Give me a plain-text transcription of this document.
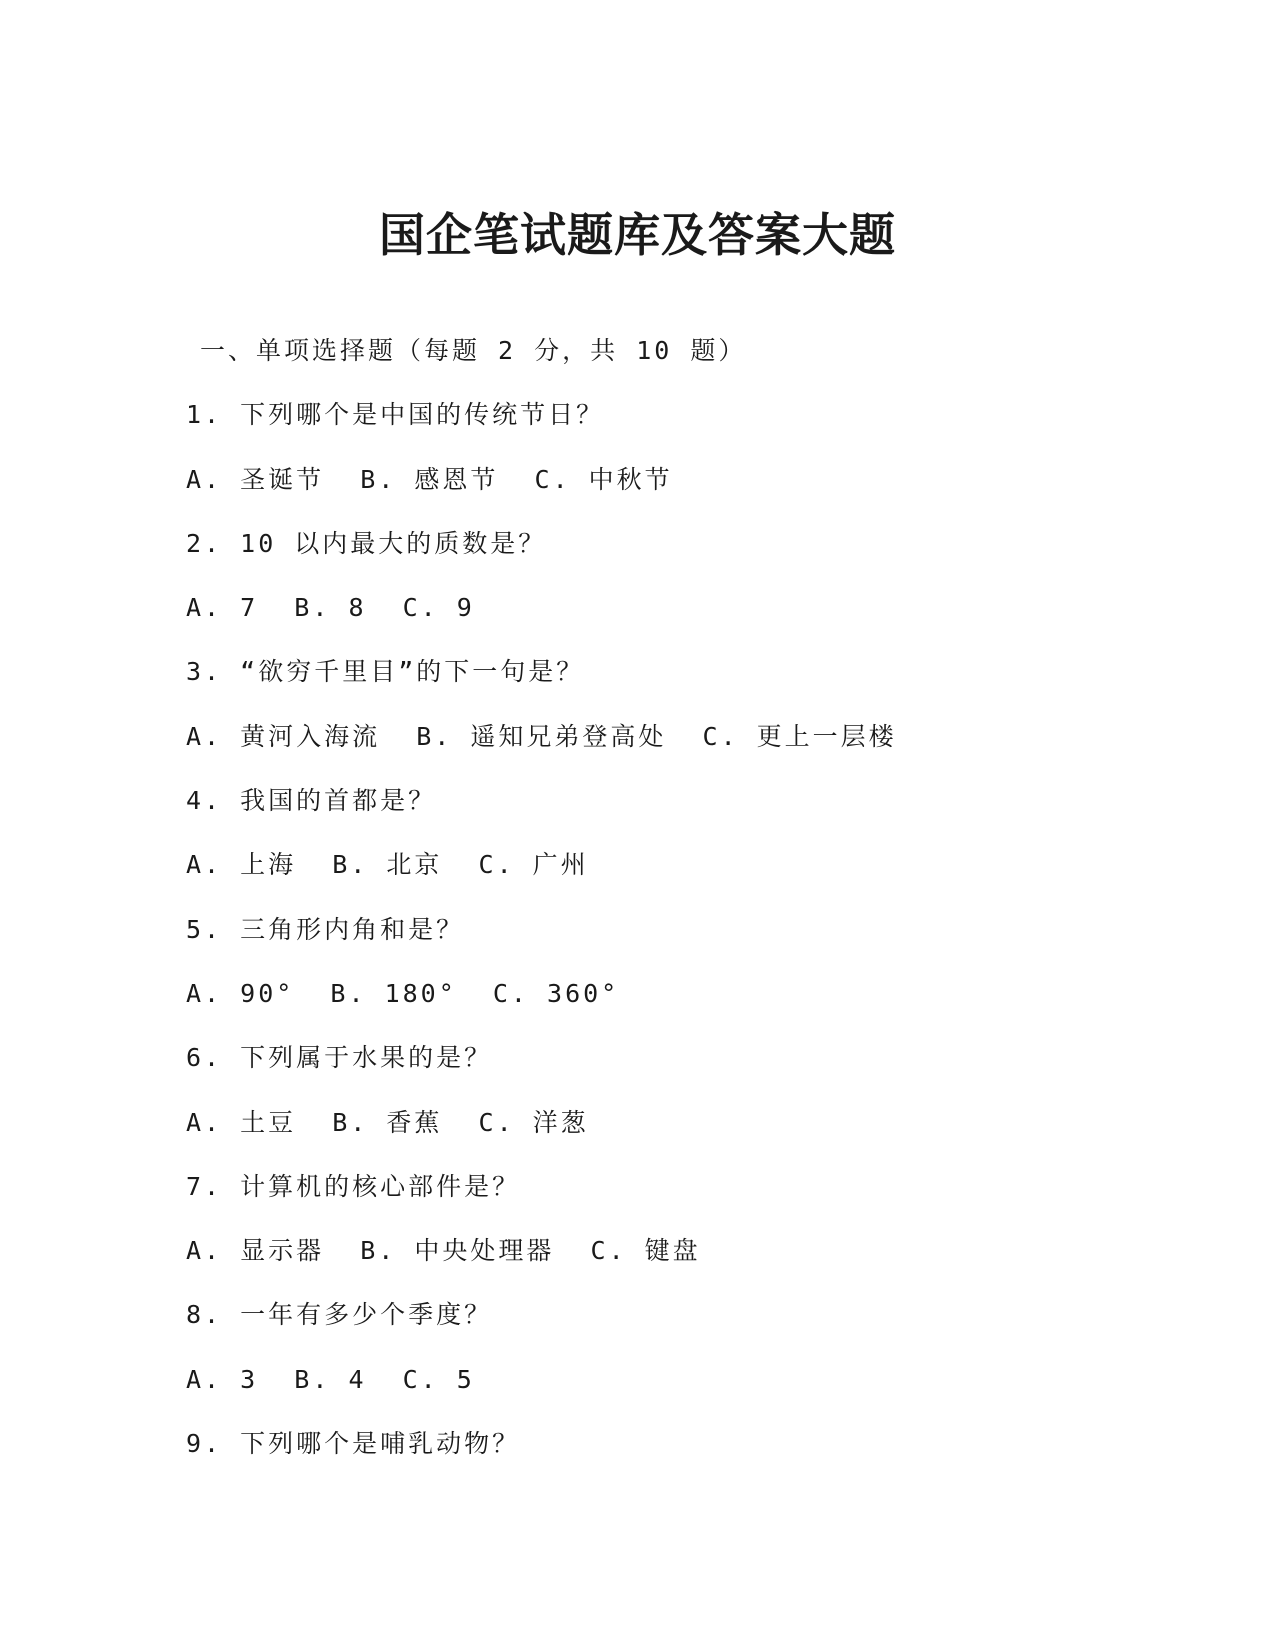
国企笔试题库及答案大题
一、单项选择题（每题 2 分，共 10 题）
1. 下列哪个是中国的传统节日？
A. 圣诞节  B. 感恩节  C. 中秋节
2. 10 以内最大的质数是？
A. 7  B. 8  C. 9
3. “欲穷千里目”的下一句是？
A. 黄河入海流  B. 遥知兄弟登高处  C. 更上一层楼
4. 我国的首都是？
A. 上海  B. 北京  C. 广州
5. 三角形内角和是？
A. 90°  B. 180°  C. 360°
6. 下列属于水果的是？
A. 土豆  B. 香蕉  C. 洋葱
7. 计算机的核心部件是？
A. 显示器  B. 中央处理器  C. 键盘
8. 一年有多少个季度？
A. 3  B. 4  C. 5
9. 下列哪个是哺乳动物？
